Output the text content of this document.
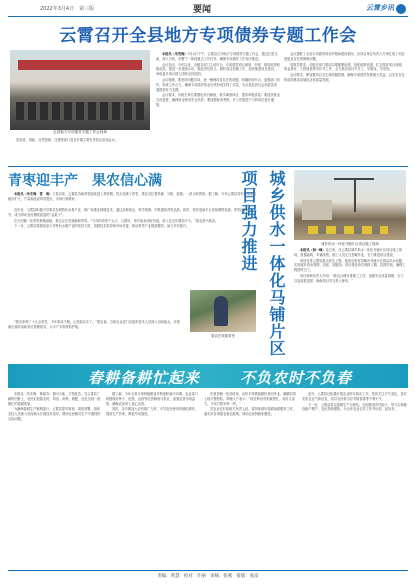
2022年3月4日　第三版	要闻	云霄乡讯
云霄召开全县地方专项债券专题工作会
全县地方专项债券专题工作会现场

县发改、财政、自然资源、住建等部门及各乡镇主要负责同志参加会议。

本报讯（朱雪梅）3月4日下午，云霄县召开地方专项债券专题工作会，通过汇报交流、深入分析，部署下一阶段重点工作任务，确保专项债券工作有序推进。

会议指出，今年以来，各级各部门主动作为，专项债券项目谋划、申报、建设取得积极成效。要进一步提高认识，强化责任担当，紧盯项目前期工作，加快推进项目建设，争取更多项目纳入国家支持范围。

会议强调，要坚持问题导向，逐一梳理项目存在的问题，明确时间节点，加强部门协作，形成工作合力，确保专项债券资金尽快形成实物工作量，为全县经济社会高质量发展提供有力支撑。

会议要求，各相关单位要强化项目储备，科学谋划项目，提高申报质量；要加快资金支出进度，确保资金使用安全高效；要加强督查考核，对工作推进不力的单位进行通报。

会议通报了全县专项债券项目申报和建设情况，各项目单位负责人分别汇报了项目进展及存在的困难问题。

县领导要求，各级各部门要切实增强紧迫感，抢抓政策机遇，扎实做好项目前期、资金拨付、工程建设等各环节工作，全力推动项目早开工、早建成、早见效。

会议要求，要加强项目全生命周期管理，确保专项债券发挥最大效益，以实实在在的成效推动县域经济高质量发展。

青枣迎丰产　果农信心满

本报讯（朱冬梅　曾　海）立春以来，云霄县各地青枣陆续进入采收期，枝头挂满了青枣，果农们忙着采摘、分拣、装箱，一派丰收景象。据了解，今年云霄县青枣种植面积稳步扩大，产量和品质均有提升，市场行情看好。

近年来，云霄县积极引导果农发展特色水果产业，推广标准化种植技术，通过品种改良、科学管理，不断提高青枣品质。同时，依托电商平台拓宽销售渠道，青枣远销省内外，成为带动农民增收致富的“金果子”。

在火田镇一处青枣种植基地，果农正在采摘新鲜青枣。“今年的青枣个头大、口感好，每斤能卖到好价钱，收入比去年增加不少。”果农高兴地说。

下一步，云霄县将继续加大对特色水果产业的扶持力度，加强技术指导和市场对接，推动青枣产业提质增效，助力乡村振兴。

“我们家种了十几亩青枣，今年收成不错，心里踏实多了。”果农说。当地农业部门还组织技术人员深入田间地头，开展病虫害防治和采后管理指导，为丰产丰收保驾护航。

果农在采摘青枣	城乡供水一体化马铺片区项目强力推进	城乡供水一体化马铺片区项目施工现场

本报讯（林一峰）连日来，在云霄县城乡供水一体化马铺片区项目施工现场，机器轰鸣，车辆穿梭，施工人员正在加紧作业，全力推进项目建设。

该项目是云霄县重点民生工程，建成后将有效解决马铺片区群众饮水问题，实现城乡供水同网、同质、同服务。项目建设单位倒排工期、挂图作战，确保工程按时完工。

项目现场负责人介绍：“我们合理安排施工工序，加强安全质量管理，全力以赴抢抓进度，确保项目早日投入使用。”

春耕备耕忙起来	不负农时不负春

本报讯（朱冬梅　林丽芳）春回大地，万物复苏。在云霄县广阔的田野上，农民们抢抓农时，犁田、育秧、施肥，处处呈现一派繁忙的春耕景象。

为确保春耕生产顺利进行，云霄县提早谋划、周密部署，组织农技人员深入田间地头开展技术指导，帮助农民解决生产中遇到的实际问题。

据了解，今年全县计划种植粮食作物面积稳中有增。农业部门积极做好种子、化肥、农药等农资储备与供应，加强农资市场监管，确保农民用上放心农资。

同时，各乡镇加大农机推广力度，引导农民使用机械化耕作，提高生产效率，降低劳动强度。

在莆美镇一处田地里，农机手驾驶旋耕机来回作业，翻耕后的土地平整松软。种粮大户表示：“现在种田有机械帮忙，省时又省力，今年打算多种一些。”

县农业农村局相关负责人说，将持续做好春耕备耕服务工作，落实好各项强农惠农政策，调动农民种粮积极性。

此外，云霄县还积极开展农业防灾减灾工作，密切关注天气变化，及时发布农业气象信息，指导农民科学应对倒春寒等不利天气。

下一步，云霄县将以春耕生产为契机，全面推进乡村振兴，努力实现粮食稳产增产、农民持续增收，为全年农业农村工作开好局、起好步。

责编：黄慧　校对：许丽　审核：张燕　排版：张彦
